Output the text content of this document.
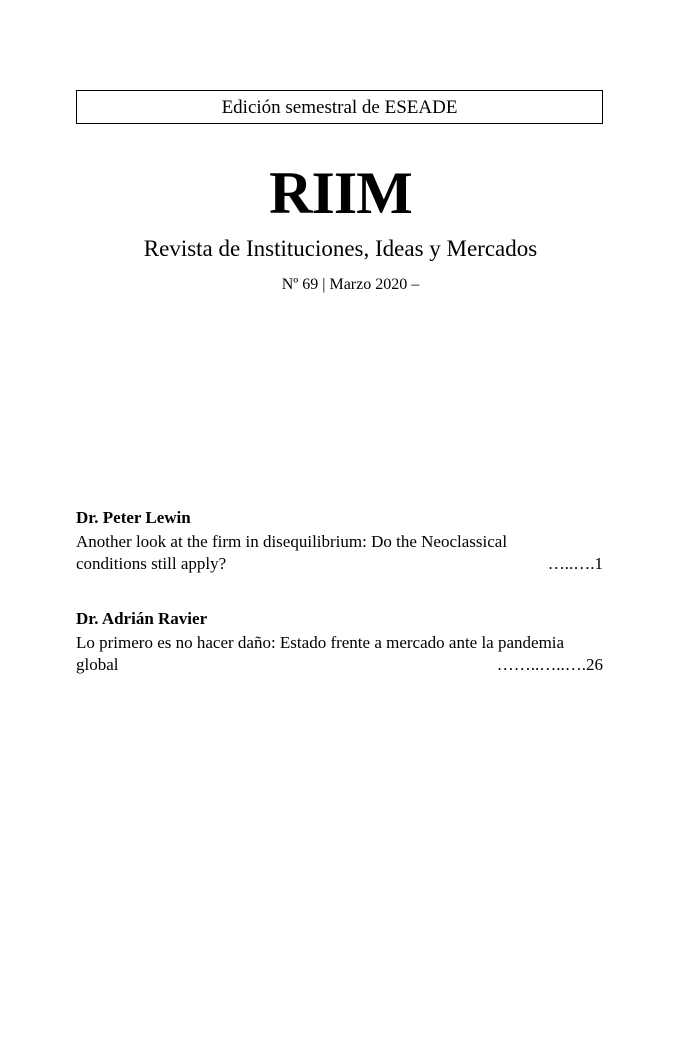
Edición semestral de ESEADE
RIIM
Revista de Instituciones, Ideas y Mercados
Nº 69 | Marzo 2020 –
Dr. Peter Lewin
Another look at the firm in disequilibrium: Do the Neoclassical
conditions still apply?	…..….1
Dr. Adrián Ravier
Lo primero es no hacer daño: Estado frente a mercado ante la pandemia
global	……..…..….26
